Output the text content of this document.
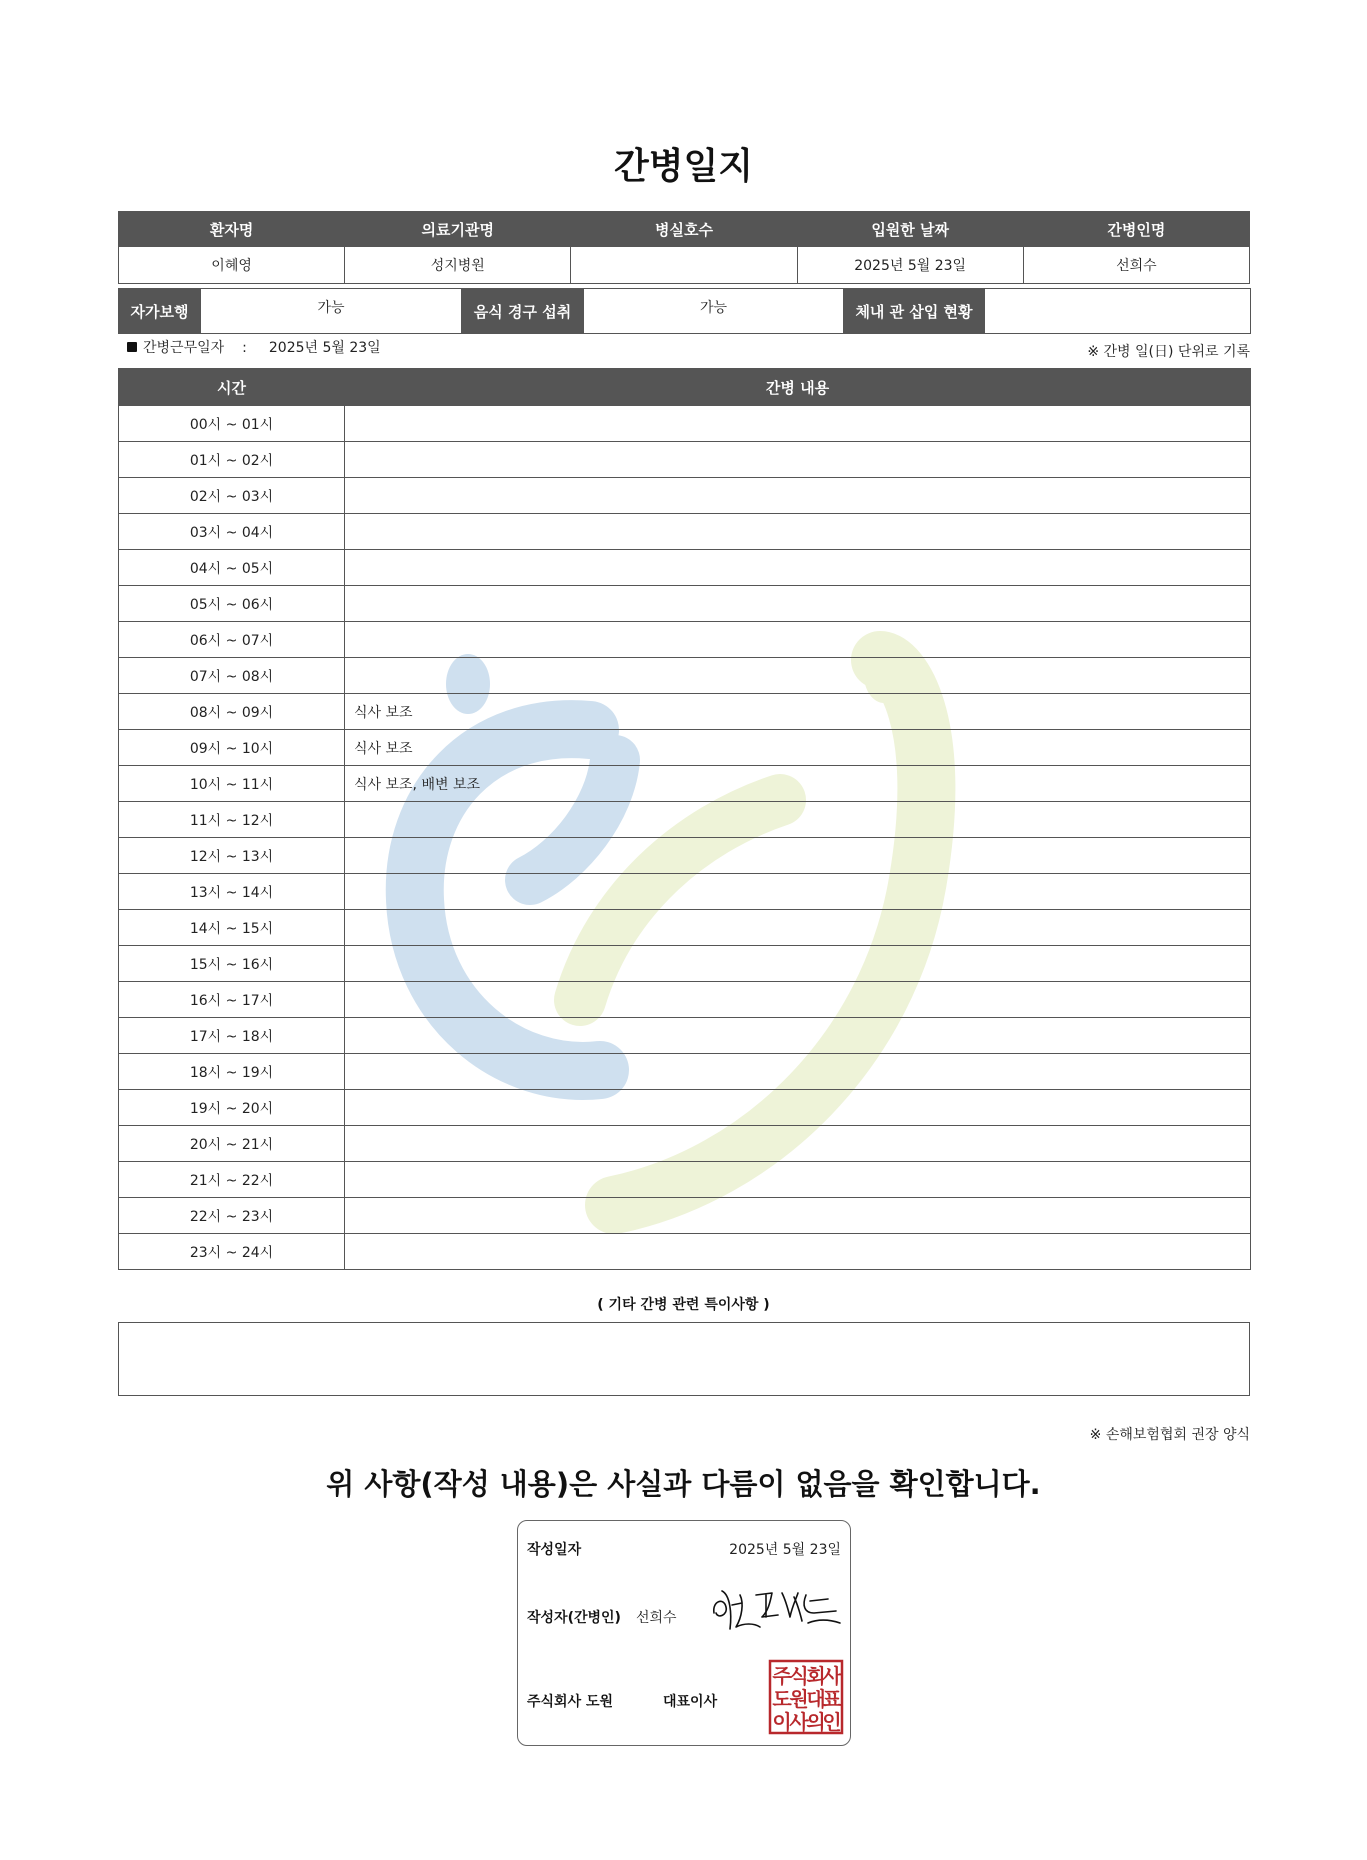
간병일지
환자명	의료기관명	병실호수	입원한 날짜	간병인명
이혜영	성지병원		2025년 5월 23일	선희수
자가보행	가능	음식 경구 섭취	가능	체내 관 삽입 현황	
간병근무일자 : 2025년 5월 23일	※ 간병 일(日) 단위로 기록
시간	간병 내용
00시 ~ 01시	
01시 ~ 02시	
02시 ~ 03시	
03시 ~ 04시	
04시 ~ 05시	
05시 ~ 06시	
06시 ~ 07시	
07시 ~ 08시	
08시 ~ 09시	식사 보조
09시 ~ 10시	식사 보조
10시 ~ 11시	식사 보조, 배변 보조
11시 ~ 12시	
12시 ~ 13시	
13시 ~ 14시	
14시 ~ 15시	
15시 ~ 16시	
16시 ~ 17시	
17시 ~ 18시	
18시 ~ 19시	
19시 ~ 20시	
20시 ~ 21시	
21시 ~ 22시	
22시 ~ 23시	
23시 ~ 24시	
( 기타 간병 관련 특이사항 )
※ 손해보험협회 권장 양식
위 사항(작성 내용)은 사실과 다름이 없음을 확인합니다.
작성일자	2025년 5월 23일
작성자(간병인) 선희수
주식회사 도원	대표이사
주
식
회
사
도
원
대
표
이
사
의
인
